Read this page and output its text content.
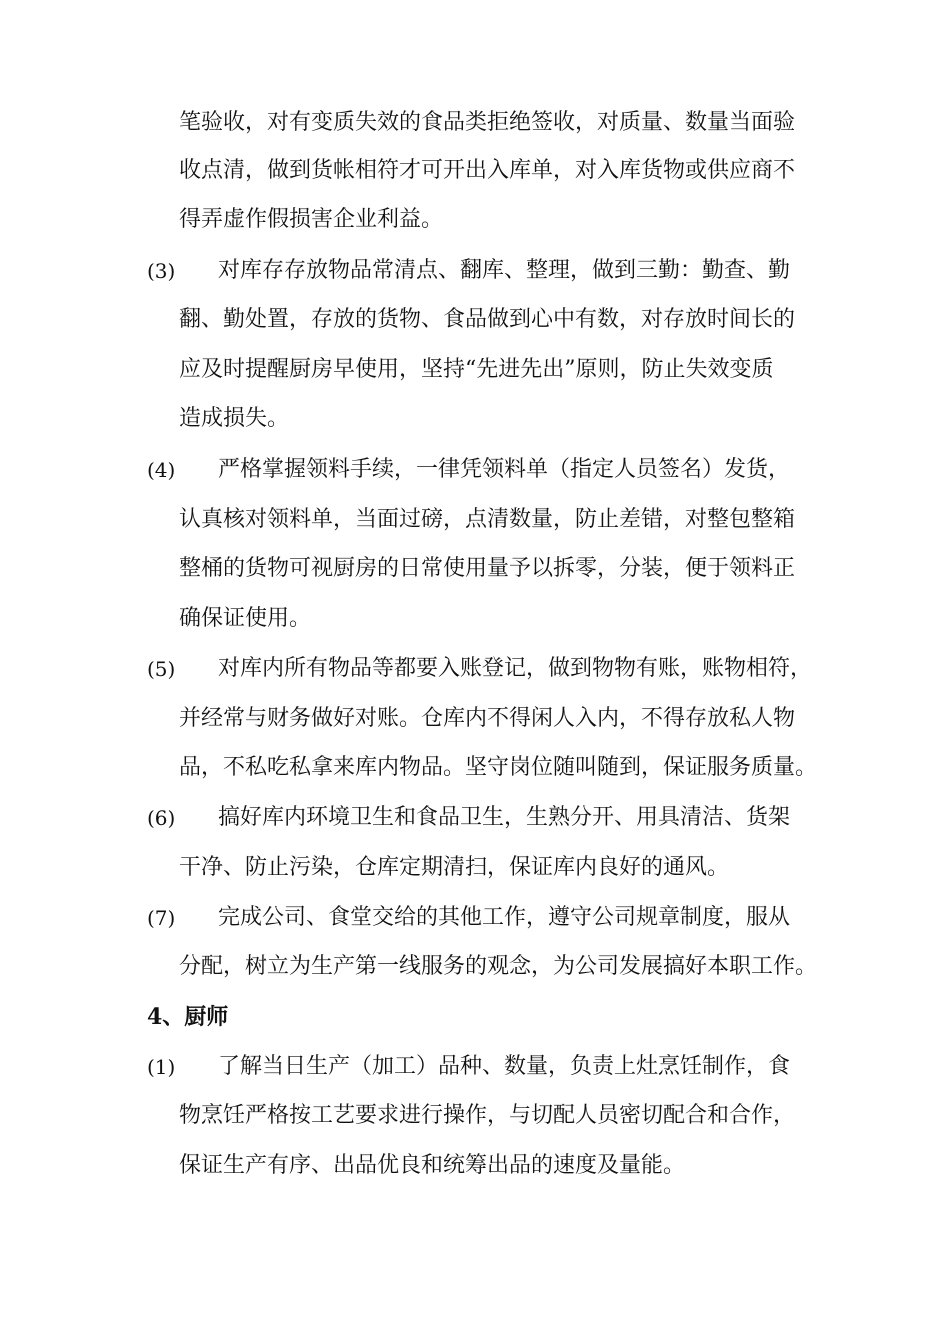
笔验收，对有变质失效的食品类拒绝签收，对质量、数量当面验
收点清，做到货帐相符才可开出入库单，对入库货物或供应商不
得弄虚作假损害企业利益。
(3) 对库存存放物品常清点、翻库、整理，做到三勤：勤查、勤
翻、勤处置，存放的货物、食品做到心中有数，对存放时间长的
应及时提醒厨房早使用，坚持“先进先出”原则，防止失效变质
造成损失。
(4) 严格掌握领料手续，一律凭领料单（指定人员签名）发货，
认真核对领料单，当面过磅，点清数量，防止差错，对整包整箱
整桶的货物可视厨房的日常使用量予以拆零，分装，便于领料正
确保证使用。
(5) 对库内所有物品等都要入账登记，做到物物有账，账物相符，
并经常与财务做好对账。仓库内不得闲人入内，不得存放私人物
品，不私吃私拿来库内物品。坚守岗位随叫随到，保证服务质量。
(6) 搞好库内环境卫生和食品卫生，生熟分开、用具清洁、货架
干净、防止污染，仓库定期清扫，保证库内良好的通风。
(7) 完成公司、食堂交给的其他工作，遵守公司规章制度，服从
分配，树立为生产第一线服务的观念，为公司发展搞好本职工作。
4、厨师
(1) 了解当日生产（加工）品种、数量，负责上灶烹饪制作，食
物烹饪严格按工艺要求进行操作，与切配人员密切配合和合作，
保证生产有序、出品优良和统筹出品的速度及量能。
